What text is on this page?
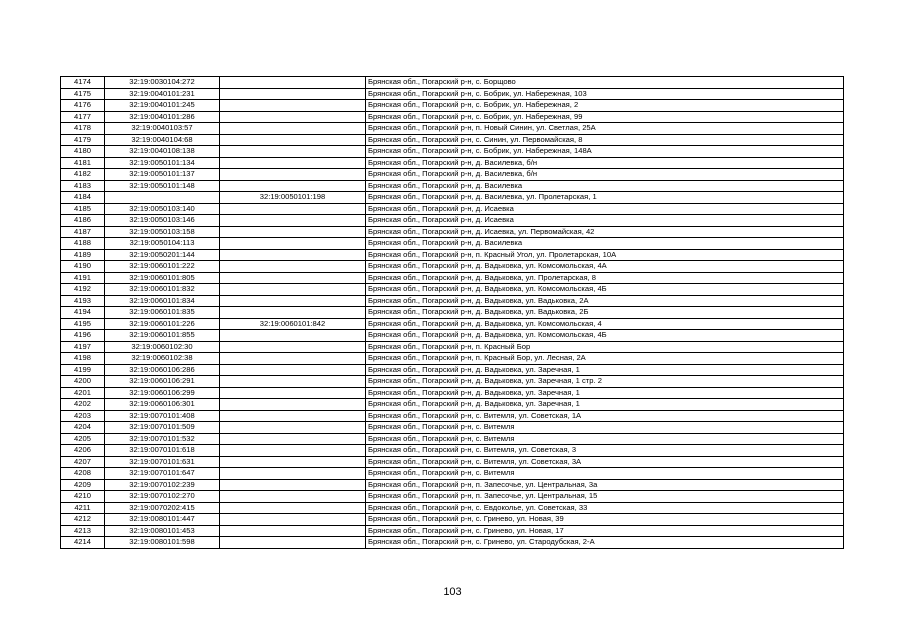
4174	32:19:0030104:272		Брянская обл., Погарский р-н, с. Борщово
4175	32:19:0040101:231		Брянская обл., Погарский р-н, с. Бобрик, ул. Набережная, 103
4176	32:19:0040101:245		Брянская обл., Погарский р-н, с. Бобрик, ул. Набережная, 2
4177	32:19:0040101:286		Брянская обл., Погарский р-н, с. Бобрик, ул. Набережная, 99
4178	32:19:0040103:57		Брянская обл., Погарский р-н, п. Новый Синин, ул. Светлая, 25А
4179	32:19:0040104:68		Брянская обл., Погарский р-н, с. Синин, ул. Первомайская, 8
4180	32:19:0040108:138		Брянская обл., Погарский р-н, с. Бобрик, ул. Набережная, 148А
4181	32:19:0050101:134		Брянская обл., Погарский р-н, д. Василевка, б/н
4182	32:19:0050101:137		Брянская обл., Погарский р-н, д. Василевка, б/н
4183	32:19:0050101:148		Брянская обл., Погарский р-н, д. Василевка
4184		32:19:0050101:198	Брянская обл., Погарский р-н, д. Василевка, ул. Пролетарская, 1
4185	32:19:0050103:140		Брянская обл., Погарский р-н, д. Исаевка
4186	32:19:0050103:146		Брянская обл., Погарский р-н, д. Исаевка
4187	32:19:0050103:158		Брянская обл., Погарский р-н, д. Исаевка, ул. Первомайская, 42
4188	32:19:0050104:113		Брянская обл., Погарский р-н, д. Василевка
4189	32:19:0050201:144		Брянская обл., Погарский р-н, п. Красный Угол, ул. Пролетарская, 10А
4190	32:19:0060101:222		Брянская обл., Погарский р-н, д. Вадьковка, ул. Комсомольская, 4А
4191	32:19:0060101:805		Брянская обл., Погарский р-н, д. Вадьковка, ул. Пролетарская, 8
4192	32:19:0060101:832		Брянская обл., Погарский р-н, д. Вадьковка, ул. Комсомольская, 4Б
4193	32:19:0060101:834		Брянская обл., Погарский р-н, д. Вадьковка, ул. Вадьковка, 2А
4194	32:19:0060101:835		Брянская обл., Погарский р-н, д. Вадьковка, ул. Вадьковка, 2Б
4195	32:19:0060101:226	32:19:0060101:842	Брянская обл., Погарский р-н, д. Вадьковка, ул. Комсомольская, 4
4196	32:19:0060101:855		Брянская обл., Погарский р-н, д. Вадьковка, ул. Комсомольская, 4Б
4197	32:19:0060102:30		Брянская обл., Погарский р-н, п. Красный Бор
4198	32:19:0060102:38		Брянская обл., Погарский р-н, п. Красный Бор, ул. Лесная, 2А
4199	32:19:0060106:286		Брянская обл., Погарский р-н, д. Вадьковка, ул. Заречная, 1
4200	32:19:0060106:291		Брянская обл., Погарский р-н, д. Вадьковка, ул. Заречная, 1 стр. 2
4201	32:19:0060106:299		Брянская обл., Погарский р-н, д. Вадьковка, ул. Заречная, 1
4202	32:19:0060106:301		Брянская обл., Погарский р-н, д. Вадьковка, ул. Заречная, 1
4203	32:19:0070101:408		Брянская обл., Погарский р-н, с. Витемля, ул. Советская, 1А
4204	32:19:0070101:509		Брянская обл., Погарский р-н, с. Витемля
4205	32:19:0070101:532		Брянская обл., Погарский р-н, с. Витемля
4206	32:19:0070101:618		Брянская обл., Погарский р-н, с. Витемля, ул. Советская, 3
4207	32:19:0070101:631		Брянская обл., Погарский р-н, с. Витемля, ул. Советская, 3А
4208	32:19:0070101:647		Брянская обл., Погарский р-н, с. Витемля
4209	32:19:0070102:239		Брянская обл., Погарский р-н, п. Запесочье, ул. Центральная, 3а
4210	32:19:0070102:270		Брянская обл., Погарский р-н, п. Запесочье, ул. Центральная, 15
4211	32:19:0070202:415		Брянская обл., Погарский р-н, с. Евдоколье, ул. Советская, 33
4212	32:19:0080101:447		Брянская обл., Погарский р-н, с. Гринево, ул. Новая, 39
4213	32:19:0080101:453		Брянская обл., Погарский р-н, с. Гринево, ул. Новая, 17
4214	32:19:0080101:598		Брянская обл., Погарский р-н, с. Гринево, ул. Стародубская, 2-А
103
